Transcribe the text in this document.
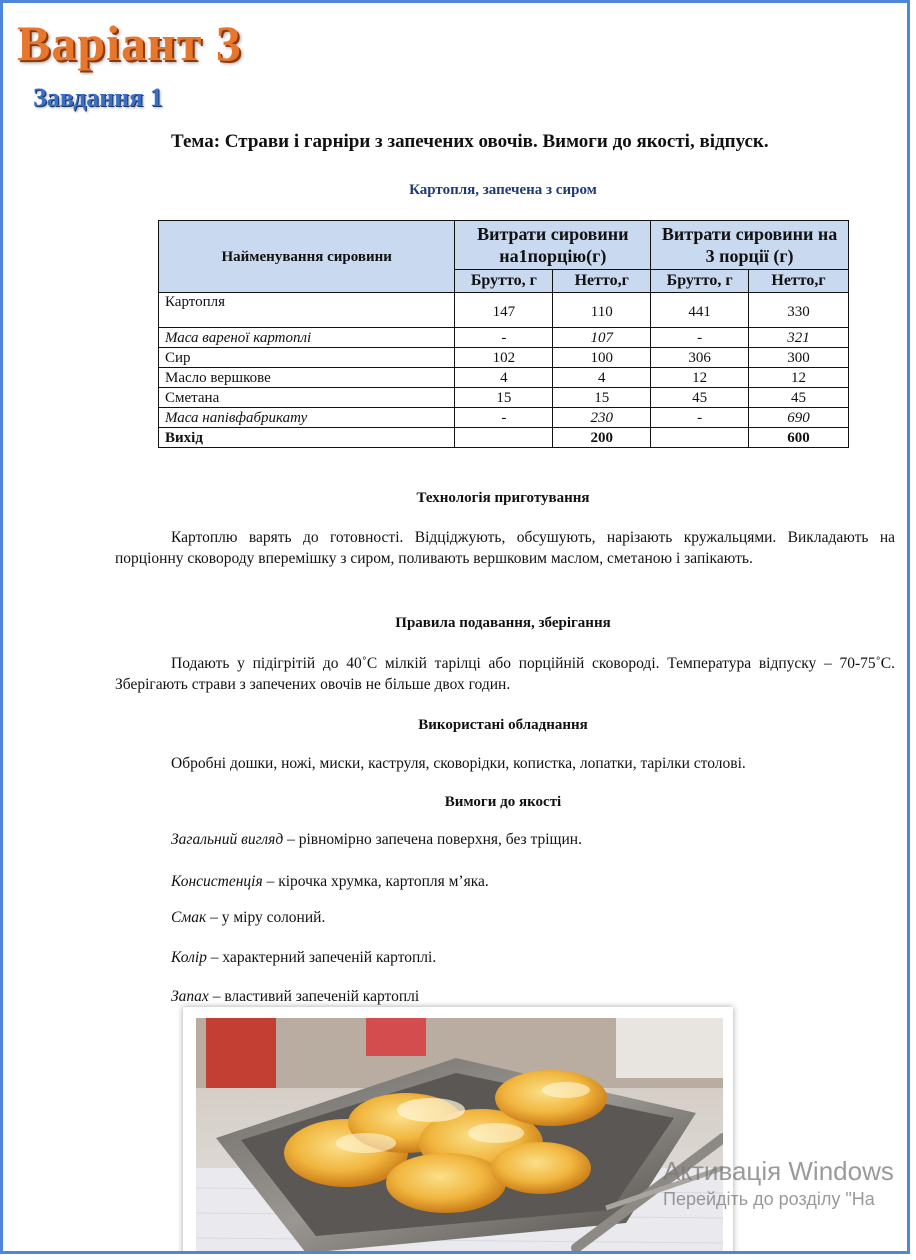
Варіант 3
Завдання 1
Тема: Страви і гарніри з запечених овочів. Вимоги до якості, відпуск.
Картопля, запечена з сиром
Найменування сировини	Витрати сировини на1порцію(г)		Витрати сировини на 3 порції (г)	
	Брутто, г	Нетто,г	Брутто, г	Нетто,г
Картопля	147	110	441	330
Маса вареної картоплі	-	107	-	321
Сир	102	100	306	300
Масло вершкове	4	4	12	12
Сметана	15	15	45	45
Маса напівфабрикату	-	230	-	690
Вихід		200		600
Технологія приготування
Картоплю варять до готовності. Відціджують, обсушують, нарізають кружальцями. Викладають на порціонну сковороду вперемішку з сиром, поливають вершковим маслом, сметаною і запікають.
Правила подавання, зберігання
Подають у підігрітій до 40˚С мілкій тарілці або порційній сковороді. Температура відпуску – 70-75˚С. Зберігають страви з запечених овочів не більше двох годин.
Використані обладнання
Обробні дошки, ножі, миски, каструля, сковорідки, копистка, лопатки, тарілки столові.
Вимоги до якості
Загальний вигляд – рівномірно запечена поверхня, без тріщин.
Консистенція – кірочка хрумка, картопля м’яка.
Смак – у міру солоний.
Колір – характерний запеченій картоплі.
Запах – властивий запеченій картоплі
Активація Windows
Перейдіть до розділу "На
